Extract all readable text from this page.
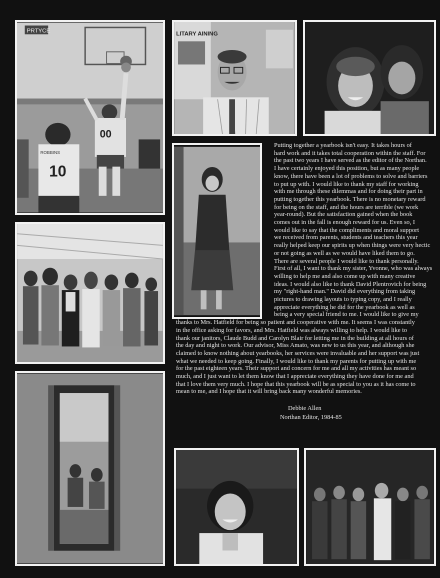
PRTYCE
10
ROBBINS
00
LITARY AINING
Putting together a yearbook isn't easy. It takes hours of
hard work and it takes total cooperation within the staff. For
the past two years I have served as the editor of the Northan.
I have certainly enjoyed this position, but as many people
know, there have been a lot of problems to solve and barriers
to put up with. I would like to thank my staff for working
with me through these dilemmas and for doing their part in
putting together this yearbook. There is no monetary reward
for being on the staff, and the hours are terrible (we work
year-round). But the satisfaction gained when the book
comes out in the fall is enough reward for us. Even so, I
would like to say that the compliments and moral support
we received from parents, students and teachers this year
really helped keep our spirits up when things were very hectic
or not going as well as we would have liked them to go.
There are several people I would like to thank personally.
First of all, I want to thank my sister, Yvonne, who was always
willing to help me and also come up with many creative
ideas. I would also like to thank David Plentrovich for being
my "right-hand man." David did everything from taking
pictures to drawing layouts to typing copy, and I really
appreciate everything he did for the yearbook as well as
being a very special friend to me. I would like to give my
thanks to Mrs. Hatfield for being so patient and cooperative with me. It seems I was constantly
in the office asking for favors, and Mrs. Hatfield was always willing to help. I would like to
thank our janitors, Claude Budd and Carolyn Blair for letting me in the building at all hours of
the day and night to work. Our advisor, Miss Amato, was new to us this year, and although she
claimed to know nothing about yearbooks, her services were invaluable and her support was just
what we needed to keep going. Finally, I would like to thank my parents for putting up with me
for the past eighteen years. Their support and concern for me and all my activities has meant so
much, and I just want to let them know that I appreciate everything they have done for me and
that I love them very much. I hope that this yearbook will be as special to you as it has come to
mean to me, and I hope that it will bring back many wonderful memories.
Debbie Allen
Northan Editor, 1984-85
